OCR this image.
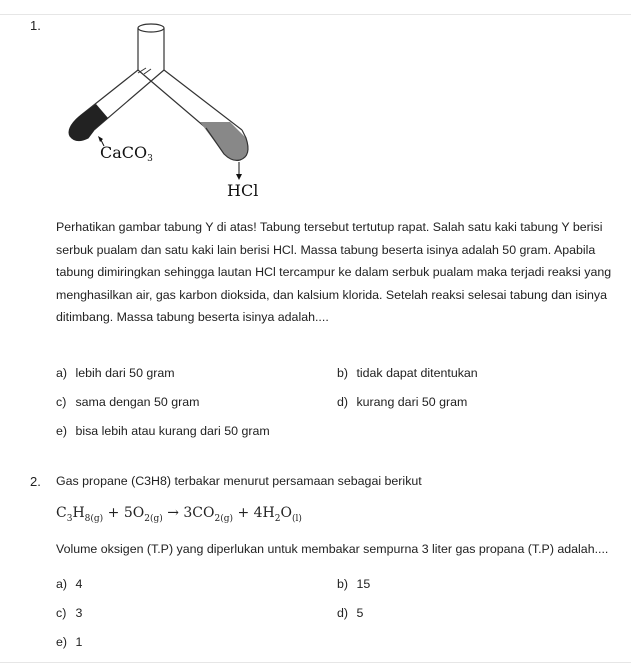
1.
CaCO3
HCl
Perhatikan gambar tabung Y di atas! Tabung tersebut tertutup rapat. Salah satu kaki tabung Y berisi serbuk pualam dan satu kaki lain berisi HCl. Massa tabung beserta isinya adalah 50 gram. Apabila tabung dimiringkan sehingga lautan HCl tercampur ke dalam serbuk pualam maka terjadi reaksi yang menghasilkan air, gas karbon dioksida, dan kalsium klorida. Setelah reaksi selesai tabung dan isinya ditimbang. Massa tabung beserta isinya adalah....
a) lebih dari 50 gram	b) tidak dapat ditentukan
c) sama dengan 50 gram	d) kurang dari 50 gram
e) bisa lebih atau kurang dari 50 gram
2. Gas propane (C3H8) terbakar menurut persamaan sebagai berikut
$C_3H_{8(g)} + 5O_{2(g)} \to 3CO_{2(g)} + 4H_2O_{(l)}$
Volume oksigen (T.P) yang diperlukan untuk membakar sempurna 3 liter gas propana (T.P) adalah....
a) 4	b) 15
c) 3	d) 5
e) 1
